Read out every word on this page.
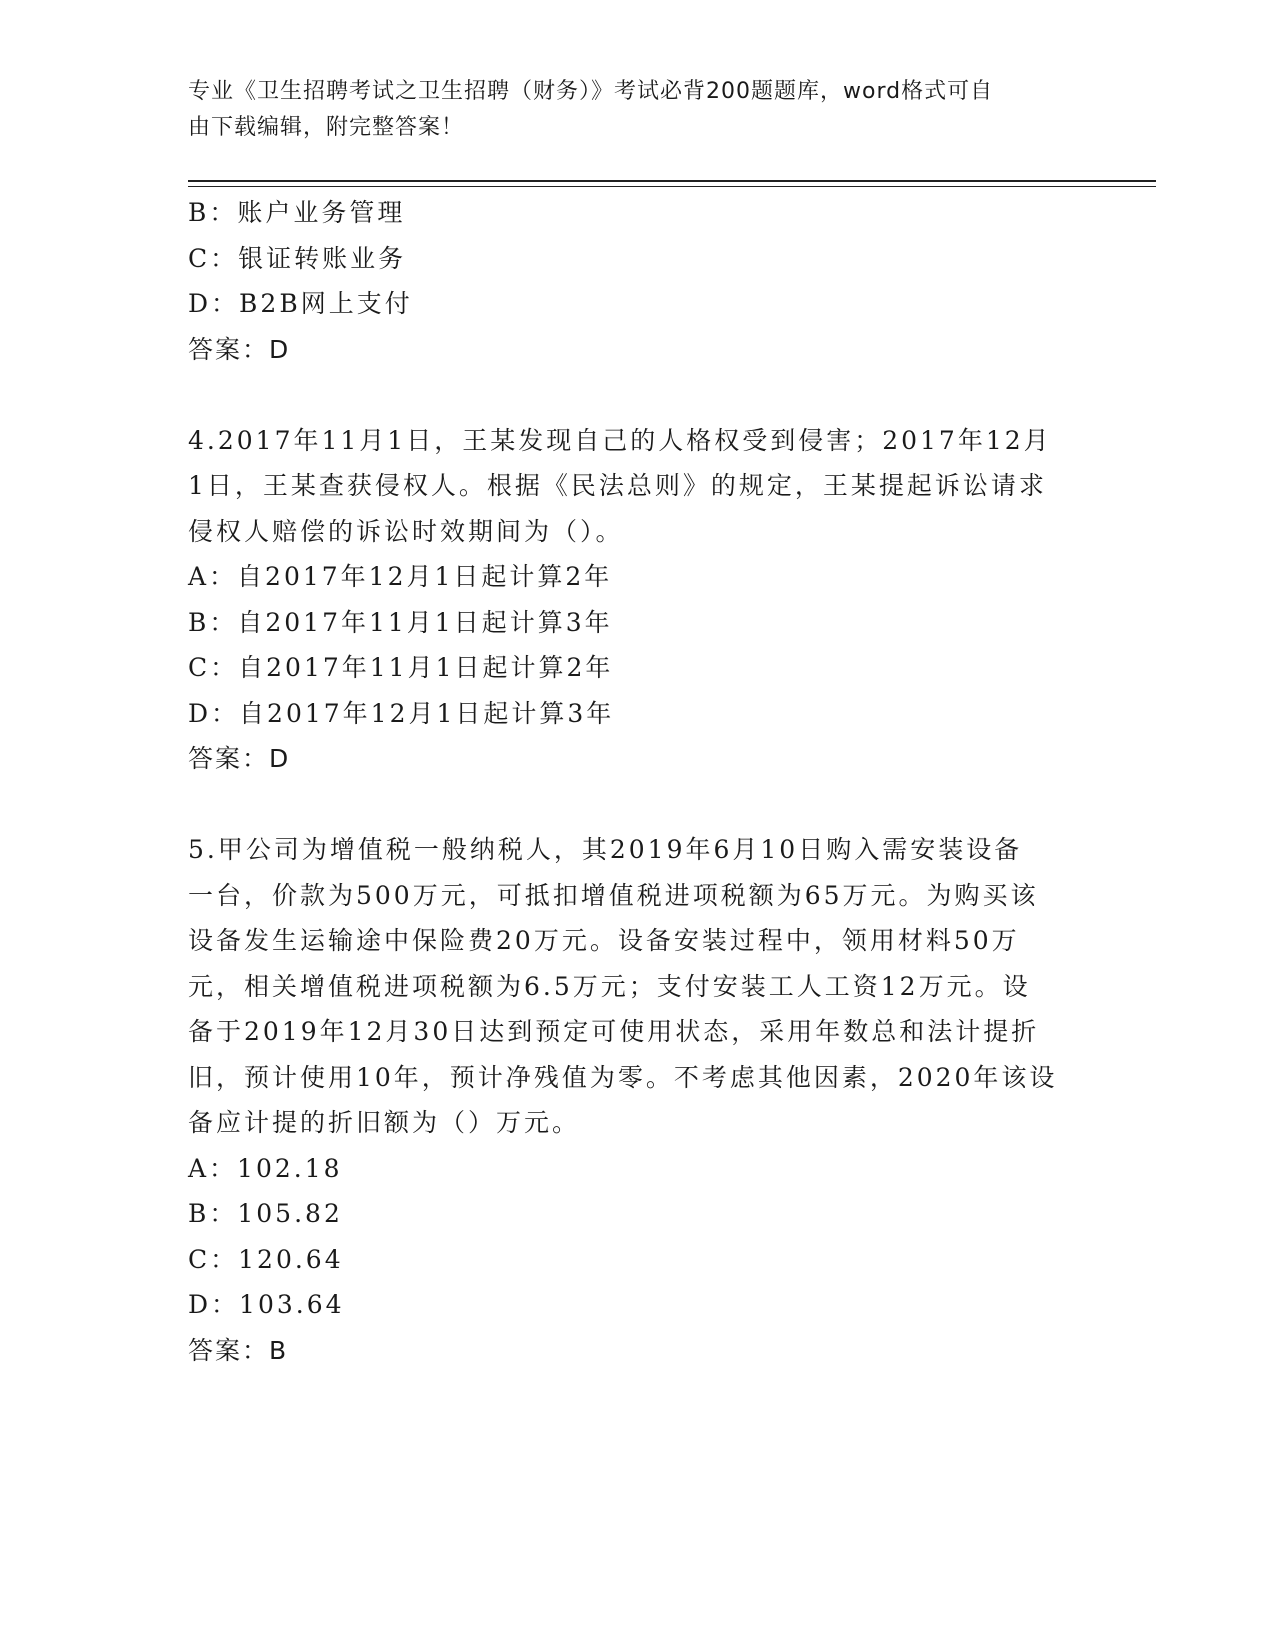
专业《卫生招聘考试之卫生招聘（财务）》考试必背200题题库，word格式可自
由下载编辑，附完整答案！
B：账户业务管理
C：银证转账业务
D：B2B网上支付
答案：D
4.2017年11月1日，王某发现自己的人格权受到侵害；2017年12月
1日，王某查获侵权人。根据《民法总则》的规定，王某提起诉讼请求
侵权人赔偿的诉讼时效期间为（）。
A：自2017年12月1日起计算2年
B：自2017年11月1日起计算3年
C：自2017年11月1日起计算2年
D：自2017年12月1日起计算3年
答案：D
5.甲公司为增值税一般纳税人，其2019年6月10日购入需安装设备
一台，价款为500万元，可抵扣增值税进项税额为65万元。为购买该
设备发生运输途中保险费20万元。设备安装过程中，领用材料50万
元，相关增值税进项税额为6.5万元；支付安装工人工资12万元。设
备于2019年12月30日达到预定可使用状态，采用年数总和法计提折
旧，预计使用10年，预计净残值为零。不考虑其他因素，2020年该设
备应计提的折旧额为（）万元。
A：102.18
B：105.82
C：120.64
D：103.64
答案：B
